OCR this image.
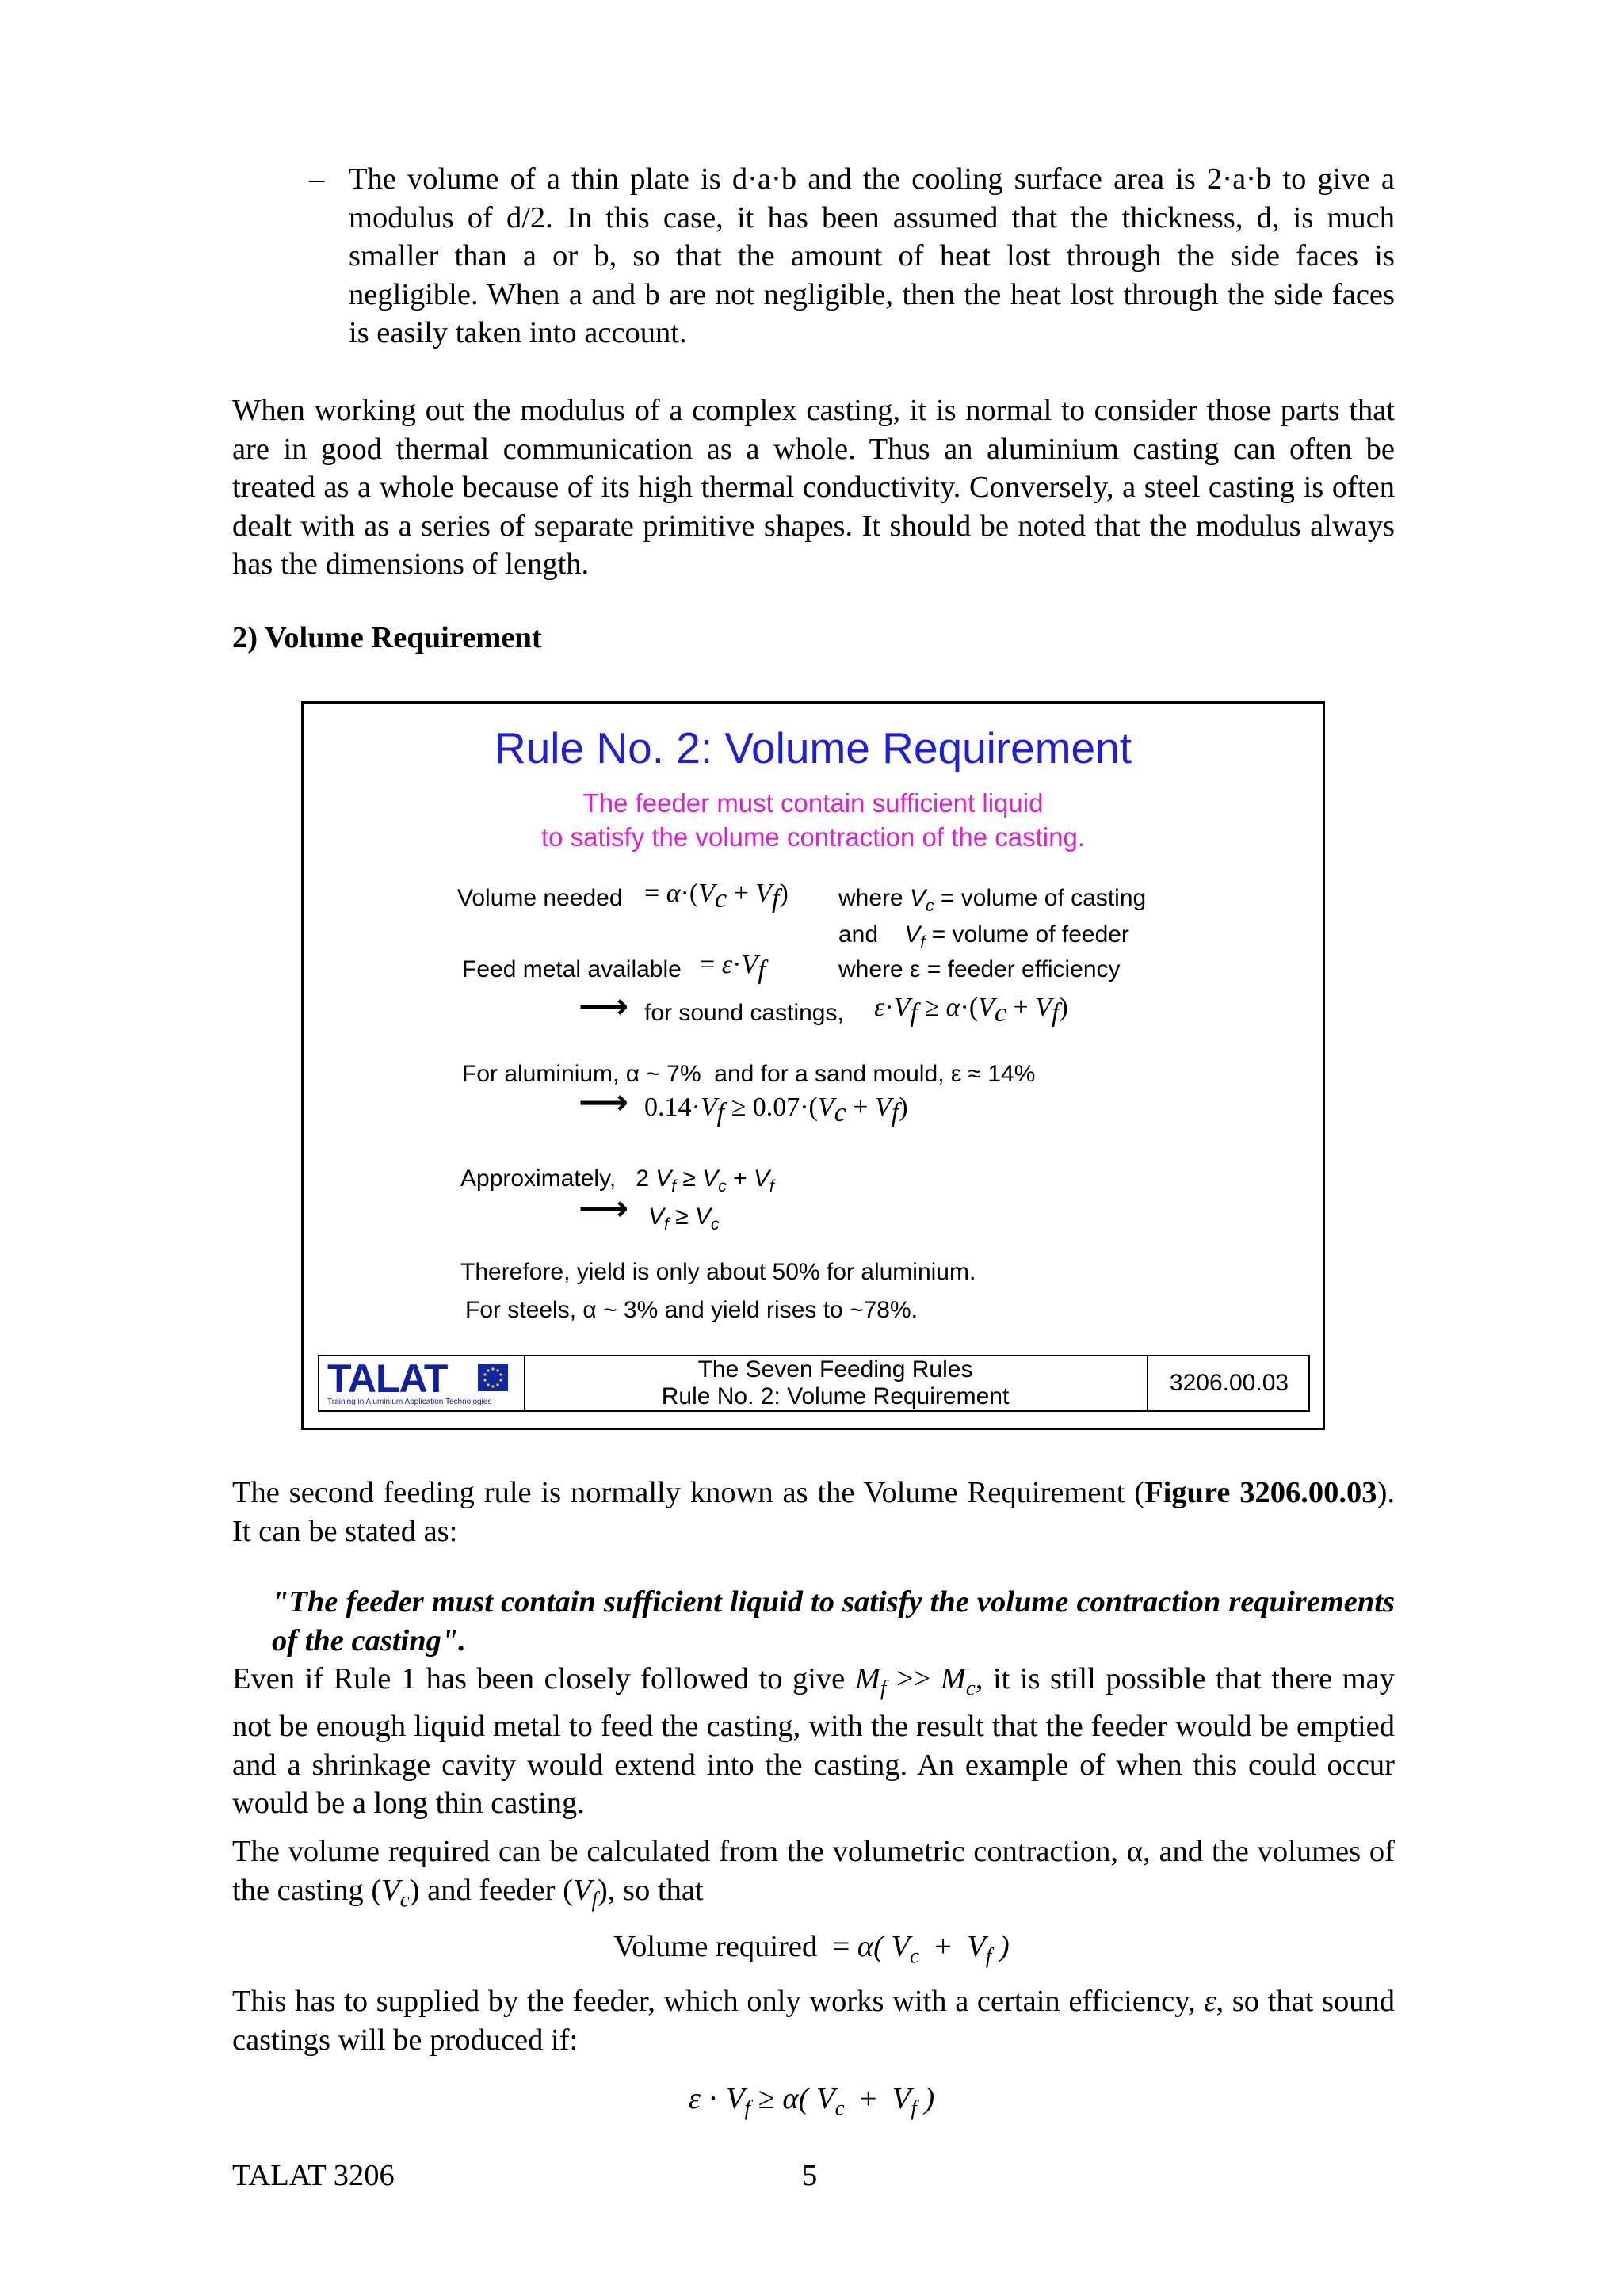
– The volume of a thin plate is d·a·b and the cooling surface area is 2·a·b to give a modulus of d/2. In this case, it has been assumed that the thickness, d, is much smaller than a or b, so that the amount of heat lost through the side faces is negligible. When a and b are not negligible, then the heat lost through the side faces is easily taken into account.
When working out the modulus of a complex casting, it is normal to consider those parts that are in good thermal communication as a whole. Thus an aluminium casting can often be treated as a whole because of its high thermal conductivity. Conversely, a steel casting is often dealt with as a series of separate primitive shapes. It should be noted that the modulus always has the dimensions of length.
2) Volume Requirement
Rule No. 2: Volume Requirement
The feeder must contain sufficient liquid
to satisfy the volume contraction of the casting.
Volume needed = $\alpha\cdot(V_c + V_f)$ where $V_c$ = volume of casting
and $V_f$ = volume of feeder
Feed metal available = $\varepsilon\cdot V_f$	where ε = feeder efficiency
⟶ for sound castings, $\varepsilon\cdot V_f \ge \alpha\cdot(V_c + V_f)$
For aluminium, α ~ 7% and for a sand mould, ε ≈ 14%
⟶ $0.14\cdot V_f \ge 0.07\cdot(V_c + V_f)$
Approximately,   2 $V_f \ge V_c + V_f$
⟶ $V_f \ge V_c$
Therefore, yield is only about 50% for aluminium.
For steels, α ~ 3% and yield rises to ~78%.
TALAT
Training in Aluminium Application Technologies
The Seven Feeding Rules
Rule No. 2: Volume Requirement
3206.00.03
The second feeding rule is normally known as the Volume Requirement (Figure 3206.00.03). It can be stated as:
"The feeder must contain sufficient liquid to satisfy the volume contraction requirements of the casting".
Even if Rule 1 has been closely followed to give $M_f >> M_c$, it is still possible that there may not be enough liquid metal to feed the casting, with the result that the feeder would be emptied and a shrinkage cavity would extend into the casting. An example of when this could occur would be a long thin casting.
The volume required can be calculated from the volumetric contraction, α, and the volumes of the casting $(V_c)$ and feeder $(V_f)$, so that
Volume required  = α( $V_c + V_f$ )
This has to supplied by the feeder, which only works with a certain efficiency, ε, so that sound castings will be produced if:
$\varepsilon \cdot V_f \ge \alpha$( $V_c + V_f$ )
TALAT 3206	5
